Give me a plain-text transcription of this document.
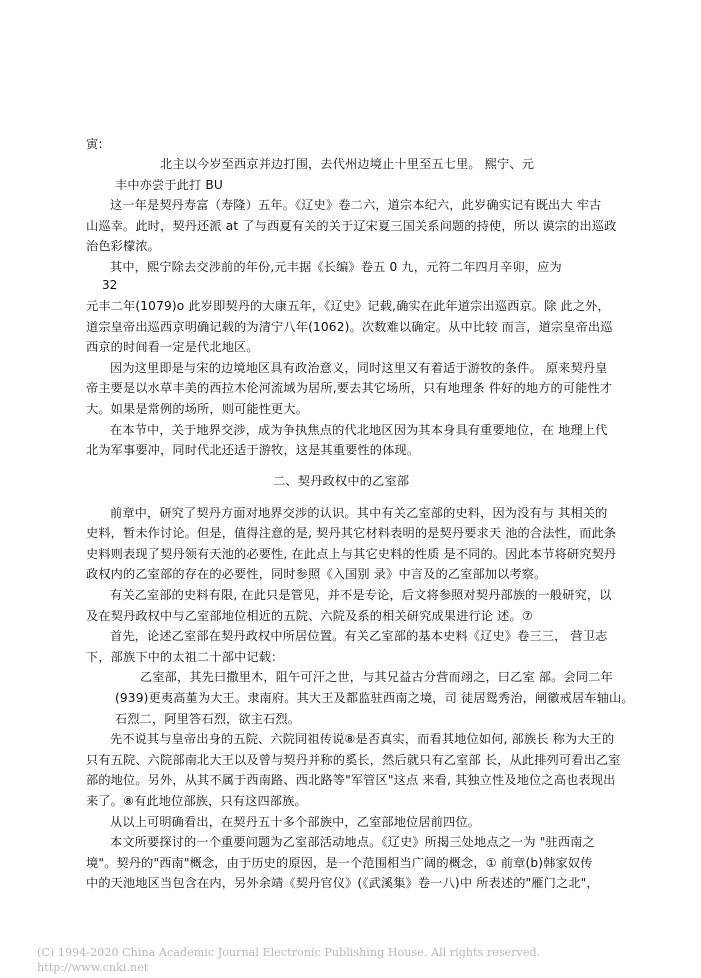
寅:
北主以今岁至西京并边打围，去代州边境止十里至五七里。 熙宁、元
丰中亦尝于此打 BU
这一年是契丹寿富（寿隆）五年。《辽史》卷二六，道宗本纪六，此岁确实记有既出大 牢古
山巡幸。此时，契丹还派 at 了与西夏有关的关于辽宋夏三国关系问题的持使，所以 谟宗的出巡政
治色彩檬浓。
其中，熙宁除去交涉前的年份,元丰据《长编》卷五 0 九，元符二年四月辛卯，应为
32
元丰二年(1079)o 此岁即契丹的大康五年，《辽史》记载,确实在此年道宗出巡西京。除 此之外，
道宗皇帝出巡西京明确记载的为清宁八年(1062)。次数难以确定。从中比较 而言，道宗皇帝出巡
西京的时间看一定是代北地区。
因为这里即是与宋的边境地区具有政治意义，同时这里又有着适于游牧的条件。 原来契丹皇
帝主要是以水草丰美的西拉木伦河流域为居所,要去其它场所，只有地理条 件好的地方的可能性才
大。如果是常例的场所，则可能性更大。
在本节中，关于地界交涉，成为争执焦点的代北地区因为其本身具有重要地位，在 地理上代
北为军事要冲，同时代北还适于游牧，这是其重要性的体现。
二、契丹政权中的乙室部
前章中，研究了契丹方面对地界交涉的认识。其中有关乙室部的史料，因为没有与 其相关的
史料，暂未作讨论。但是，值得注意的是, 契丹其它材料表明的是契丹要求天 池的合法性，而此条
史料则表现了契丹领有天池的必要性, 在此点上与其它史料的性质 是不同的。因此本节将研究契丹
政权内的乙室部的存在的必要性，同时参照《入国别 录》中言及的乙室部加以考察。
有关乙室部的史料有限, 在此只是管见，并不是专论，后文将参照对契丹部族的一般研究，以
及在契丹政权中与乙室部地位相近的五院、六院及系的相关研究成果进行论 述。⑦
首先，论述乙室部在契丹政权中所居位置。有关乙室部的基本史料《辽史》卷三三， 营卫志
下，部族下中的太祖二十部中记载：
乙室部，其先曰撒里木，阻午可汗之世，与其兄益古分营而翊之，曰乙室 部。会同二年
(939)更夷高堇为大王。隶南府。其大王及都监驻西南之境，司 徒居鸳秀治，闸徽戒居车轴山。
石烈二，阿里答石烈，欲主石烈。
先不说其与皇帝出身的五院、六院同祖传说⑧是否真实，而看其地位如何, 部族长 称为大王的
只有五院、六院部南北大王以及曾与契丹并称的奚长，然后就只有乙室部 长，从此排列可看出乙室
部的地位。另外，从其不属于西南路、西北路等"军管区"这点 来看, 其独立性及地位之高也表现出
来了。⑧有此地位部族，只有这四部族。
从以上可明确看出，在契丹五十多个部族中，乙室部地位居前四位。
本文所要探讨的一个重要问题为乙室部活动地点。《辽史》所揭三处地点之一为 "驻西南之
境"。契丹的"西南"概念，由于历史的原因，是一个范围相当广阔的概念，① 前章(b)韩家奴传
中的天池地区当包含在内，另外余靖《契丹官仪》(《武溪集》卷一八)中 所表述的"雁门之北"，
(C) 1994-2020 China Academic Journal Electronic Publishing House. All rights reserved.
http://www.cnki.net
